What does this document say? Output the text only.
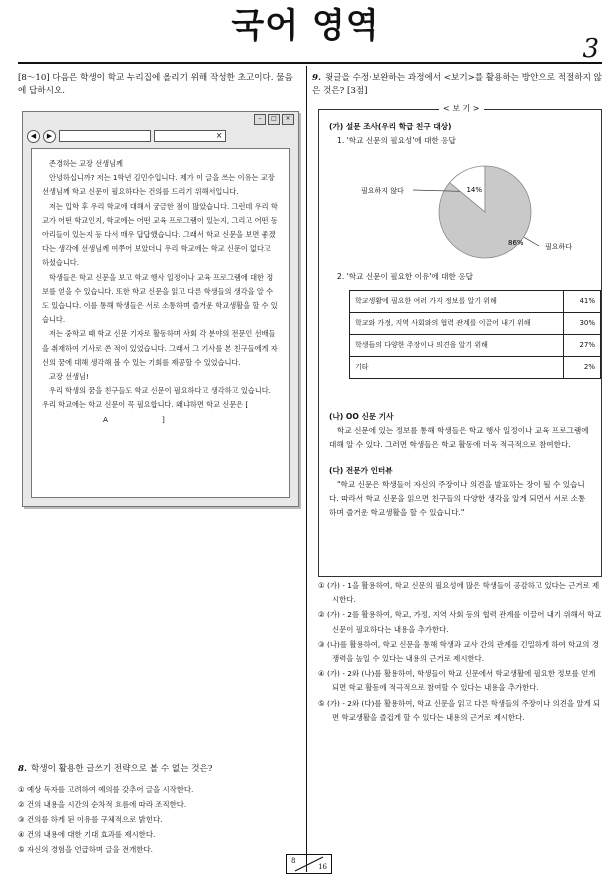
국어 영역
3

[8～10] 다음은 학생이 학교 누리집에 올리기 위해 작성한 초고이다. 물음에 답하시오.

–	□	×
◀	▶	×

존경하는 교장 선생님께

안녕하십니까? 저는 1학년 김민수입니다. 제가 이 글을 쓰는 이유는 교장 선생님께 학교 신문이 필요하다는 건의를 드리기 위해서입니다.

저는 입학 후 우리 학교에 대해서 궁금한 점이 많았습니다. 그런데 우리 학교가 어떤 학교인지, 학교에는 어떤 교육 프로그램이 있는지, 그리고 어떤 동아리들이 있는지 등 다서 매우 답답했습니다. 그래서 학교 신문을 보면 좋겠다는 생각에 선생님께 여쭈어 보았더니 우리 학교에는 학교 신문이 없다고 하셨습니다.

학생들은 학교 신문을 보고 학교 행사 일정이나 교육 프로그램에 대한 정보를 얻을 수 있습니다. 또한 학교 신문을 읽고 다른 학생들의 생각을 알 수도 있습니다. 이를 통해 학생들은 서로 소통하며 즐거운 학교생활을 할 수 있습니다.

저는 중학교 때 학교 신문 기자로 활동하며 사회 각 분야의 전문인 선배들을 취재하여 기사로 쓴 적이 있었습니다. 그래서 그 기사를 본 친구들에게 자신의 꿈에 대해 생각해 볼 수 있는 기회를 제공할 수 있었습니다.

교장 선생님!

우리 학생의 꿈을 친구들도 학교 신문이 필요하다고 생각하고 있습니다. 우리 학교에는 학교 신문이 꼭 필요합니다. 왜냐하면 학교 신문은 [A	]

8. 학생이 활용한 글쓰기 전략으로 볼 수 없는 것은?

① 예상 독자를 고려하여 예의를 갖추어 글을 시작한다.
② 건의 내용을 시간의 순차적 흐름에 따라 조직한다.
③ 건의를 하게 된 이유를 구체적으로 밝힌다.
④ 건의 내용에 대한 기대 효과를 제시한다.
⑤ 자신의 경험을 언급하며 글을 전개한다.

9. 윗글을 수정·보완하는 과정에서 <보기>를 활용하는 방안으로 적절하지 않은 것은? [3점]

< 보 기 >

(가) 설문 조사(우리 학급 친구 대상)

1. '학교 신문의 필요성'에 대한 응답

14%
86%
필요하지 않다
필요하다

2. '학교 신문이 필요한 이유'에 대한 응답

학교생활에 필요한 여러 가지 정보를 알기 위해	41%
학교와 가정, 지역 사회와의 협력 관계를 이끌어 내기 위해	30%
학생들의 다양한 주장이나 의견을 알기 위해	27%
기타	2%

(나) OO 신문 기사

학교 신문에 있는 정보를 통해 학생들은 학교 행사 일정이나 교육 프로그램에 대해 알 수 있다. 그러면 학생들은 학교 활동에 더욱 적극적으로 참여한다.

(다) 전문가 인터뷰

"학교 신문은 학생들이 자신의 주장이나 의견을 발표하는 장이 될 수 있습니다. 따라서 학교 신문을 읽으면 친구들의 다양한 생각을 알게 되면서 서로 소통하며 즐거운 학교생활을 할 수 있습니다."

① (가) - 1을 활용하여, 학교 신문의 필요성에 많은 학생들이 공감하고 있다는 근거로 제시한다.
② (가) - 2를 활용하여, 학교, 가정, 지역 사회 등의 협력 관계를 이끌어 내기 위해서 학교 신문이 필요하다는 내용을 추가한다.
③ (나)를 활용하여, 학교 신문을 통해 학생과 교사 간의 관계를 긴밀하게 하여 학교의 경쟁력을 높일 수 있다는 내용의 근거로 제시한다.
④ (가) - 2와 (나)를 활용하여, 학생들이 학교 신문에서 학교생활에 필요한 정보를 얻게 되면 학교 활동에 적극적으로 참여할 수 있다는 내용을 추가한다.
⑤ (가) - 2와 (다)를 활용하여, 학교 신문을 읽고 다른 학생들의 주장이나 의견을 알게 되면 학교생활을 즐겁게 할 수 있다는 내용의 근거로 제시한다.
8
16
